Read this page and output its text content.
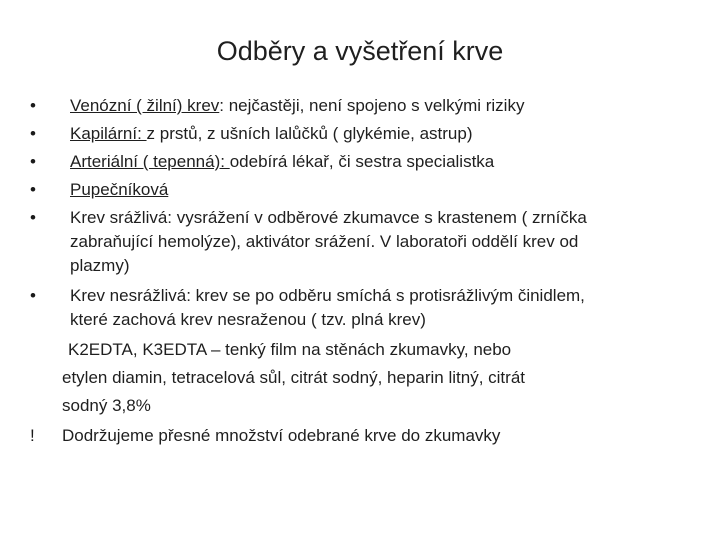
Odběry a vyšetření krve
• Venózní ( žilní) krev: nejčastěji, není spojeno s velkými riziky
• Kapilární: z prstů, z ušních lalůčků ( glykémie, astrup)
• Arteriální ( tepenná): odebírá lékař, či sestra specialistka
• Pupečníková
• Krev srážlivá: vysrážení v odběrové zkumavce s krastenem ( zrníčka
zabraňující hemolýze), aktivátor srážení. V laboratoři oddělí krev od
plazmy)
• Krev nesrážlivá: krev se po odběru smíchá s protisrážlivým činidlem,
které zachová krev nesraženou ( tzv. plná krev)
K2EDTA, K3EDTA – tenký film na stěnách zkumavky, nebo
etylen diamin, tetracelová sůl, citrát sodný, heparin litný, citrát
sodný 3,8%
! Dodržujeme přesné množství odebrané krve do zkumavky
